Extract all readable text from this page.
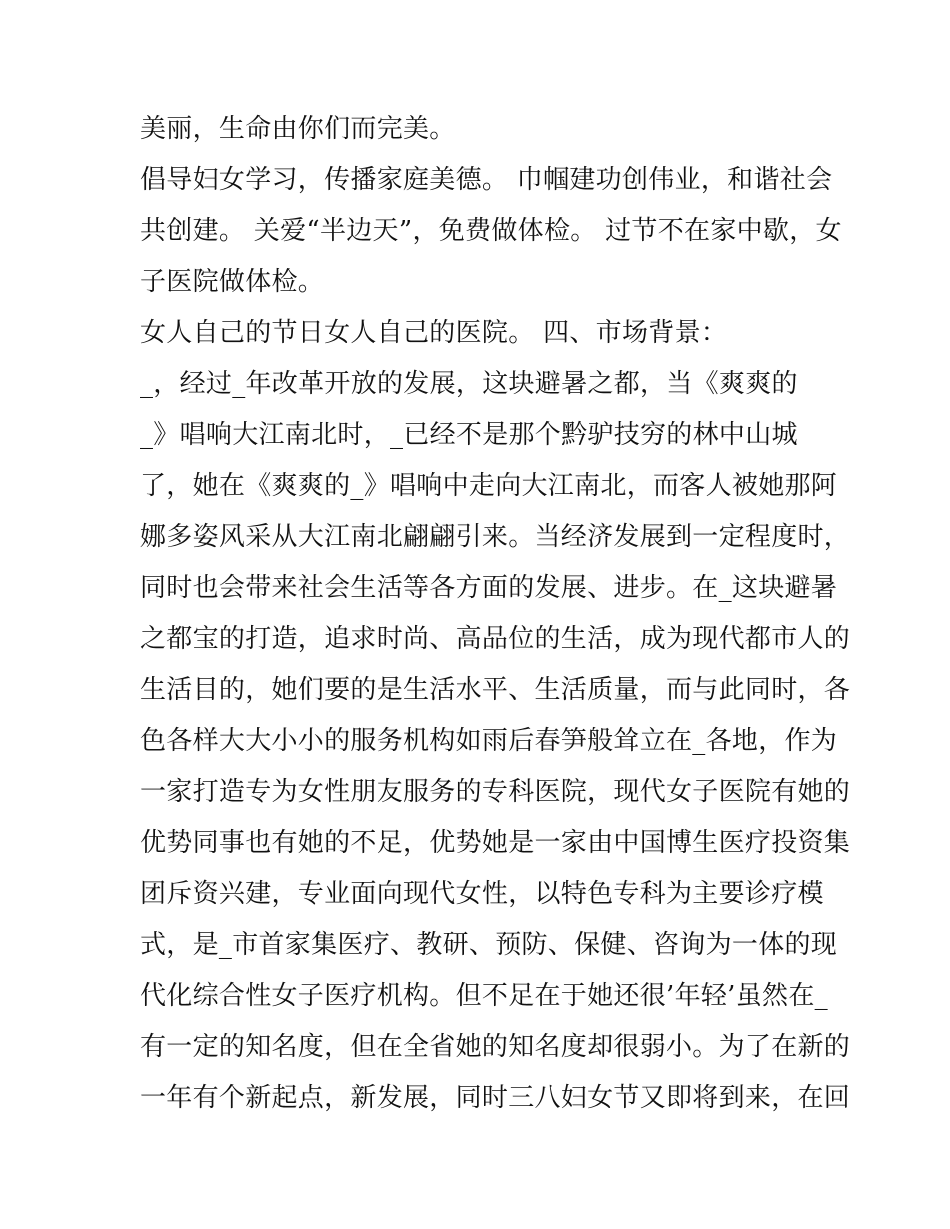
美丽，生命由你们而完美。
倡导妇女学习，传播家庭美德。 巾帼建功创伟业，和谐社会
共创建。 关爱“半边天”，免费做体检。 过节不在家中歇，女
子医院做体检。
女人自己的节日女人自己的医院。 四、市场背景：
_，经过_年改革开放的发展，这块避暑之都，当《爽爽的
_》唱响大江南北时，_已经不是那个黔驴技穷的林中山城
了，她在《爽爽的_》唱响中走向大江南北，而客人被她那阿
娜多姿风采从大江南北翩翩引来。当经济发展到一定程度时，
同时也会带来社会生活等各方面的发展、进步。在_这块避暑
之都宝的打造，追求时尚、高品位的生活，成为现代都市人的
生活目的，她们要的是生活水平、生活质量，而与此同时，各
色各样大大小小的服务机构如雨后春笋般耸立在_各地，作为
一家打造专为女性朋友服务的专科医院，现代女子医院有她的
优势同事也有她的不足，优势她是一家由中国博生医疗投资集
团斥资兴建，专业面向现代女性，以特色专科为主要诊疗模
式，是_市首家集医疗、教研、预防、保健、咨询为一体的现
代化综合性女子医疗机构。但不足在于她还很’年轻’虽然在_
有一定的知名度，但在全省她的知名度却很弱小。为了在新的
一年有个新起点，新发展，同时三八妇女节又即将到来，在回
